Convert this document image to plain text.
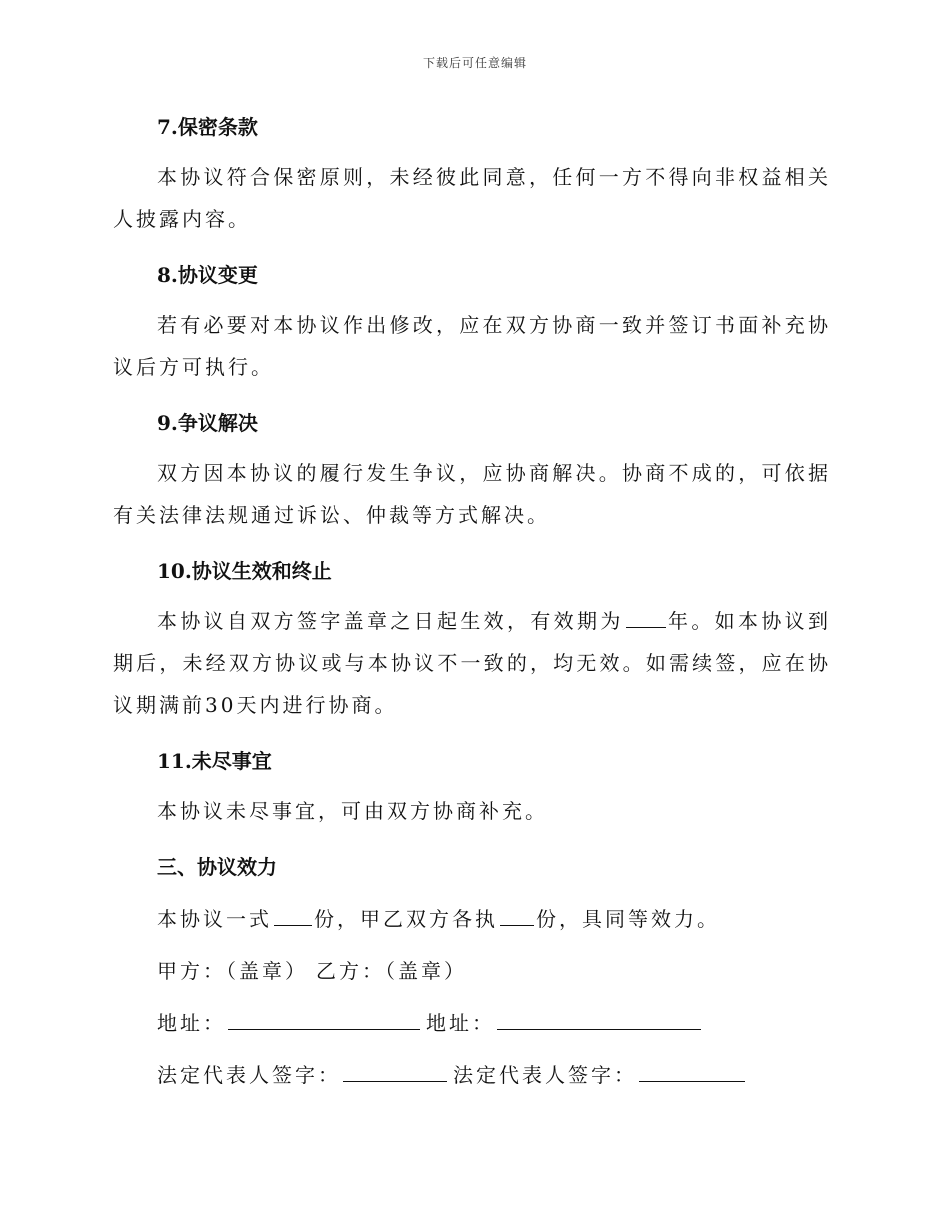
下载后可任意编辑

7.保密条款

本协议符合保密原则，未经彼此同意，任何一方不得向非权益相关人披露内容。

8.协议变更

若有必要对本协议作出修改，应在双方协商一致并签订书面补充协议后方可执行。

9.争议解决

双方因本协议的履行发生争议，应协商解决。协商不成的，可依据有关法律法规通过诉讼、仲裁等方式解决。

10.协议生效和终止

本协议自双方签字盖章之日起生效，有效期为 年。如本协议到期后，未经双方协议或与本协议不一致的，均无效。如需续签，应在协议期满前30天内进行协商。

11.未尽事宜

本协议未尽事宜，可由双方协商补充。

三、协议效力

本协议一式 份，甲乙双方各执 份，具同等效力。

甲方：（盖章） 乙方：（盖章）

地址：	地址：

法定代表人签字：	法定代表人签字：
